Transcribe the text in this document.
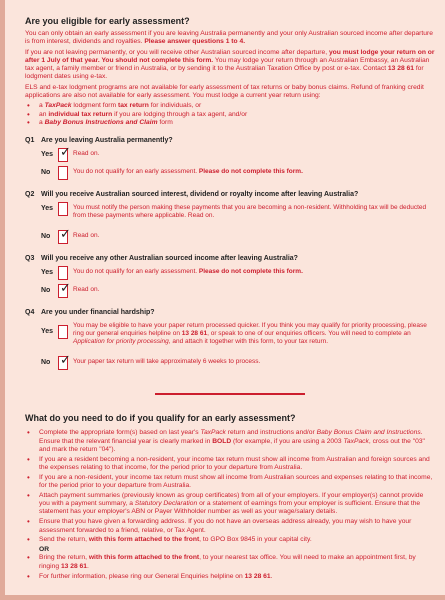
Are you eligible for early assessment?

You can only obtain an early assessment if you are leaving Australia permanently and your only Australian sourced income after departure is from interest, dividends and royalties. Please answer questions 1 to 4.

If you are not leaving permanently, or you will receive other Australian sourced income after departure, you must lodge your return on or after 1 July of that year. You should not complete this form. You may lodge your return through an Australian Embassy, an Australian tax agent, a family member or friend in Australia, or by sending it to the Australian Taxation Office by post or e-tax. Contact 13 28 61 for lodgment dates using e-tax.

ELS and e-tax lodgment programs are not available for early assessment of tax returns or baby bonus claims. Refund of franking credit applications are also not available for early assessment. You must lodge a current year return using:

• a TaxPack lodgment form tax return for individuals, or
• an individual tax return if you are lodging through a tax agent, and/or
• a Baby Bonus Instructions and Claim form
Q1 Are you leaving Australia permanently?
Yes ✓ Read on.
No	You do not qualify for an early assessment. Please do not complete this form.
Q2 Will you receive Australian sourced interest, dividend or royalty income after leaving Australia?
Yes	You must notify the person making these payments that you are becoming a non-resident. Withholding tax will be deducted from these payments where applicable. Read on.
No ✓ Read on.
Q3 Will you receive any other Australian sourced income after leaving Australia?
Yes	You do not qualify for an early assessment. Please do not complete this form.
No ✓ Read on.
Q4 Are you under financial hardship?
Yes
You may be eligible to have your paper return processed quicker. If you think you may qualify for priority processing, please ring our general enquiries helpline on 13 28 61, or speak to one of our enquiries officers. You will need to complete an Application for priority processing, and attach it together with this form, to your tax return.
No ✓ Your paper tax return will take approximately 6 weeks to process.
What do you need to do if you qualify for an early assessment?
• Complete the appropriate form(s) based on last year's TaxPack return and instructions and/or Baby Bonus Claim and Instructions. Ensure that the relevant financial year is clearly marked in BOLD (for example, if you are using a 2003 TaxPack, cross out the "03" and mark the return "04").
• If you are a resident becoming a non-resident, your income tax return must show all income from Australian and foreign sources and the expenses relating to that income, for the period prior to your departure from Australia.
• If you are a non-resident, your income tax return must show all income from Australian sources and expenses relating to that income, for the period prior to your departure from Australia.
• Attach payment summaries (previously known as group certificates) from all of your employers. If your employer(s) cannot provide you with a payment summary, a Statutory Declaration or a statement of earnings from your employer is sufficient. Ensure that the statement has your employer's ABN or Payer Withholder number as well as your wage/salary details.
• Ensure that you have given a forwarding address. If you do not have an overseas address already, you may wish to have your assessment forwarded to a friend, relative, or Tax Agent.
• Send the return, with this form attached to the front, to GPO Box 9845 in your capital city.

OR

• Bring the return, with this form attached to the front, to your nearest tax office. You will need to make an appointment first, by ringing 13 28 61.
• For further information, please ring our General Enquiries helpline on 13 28 61.
